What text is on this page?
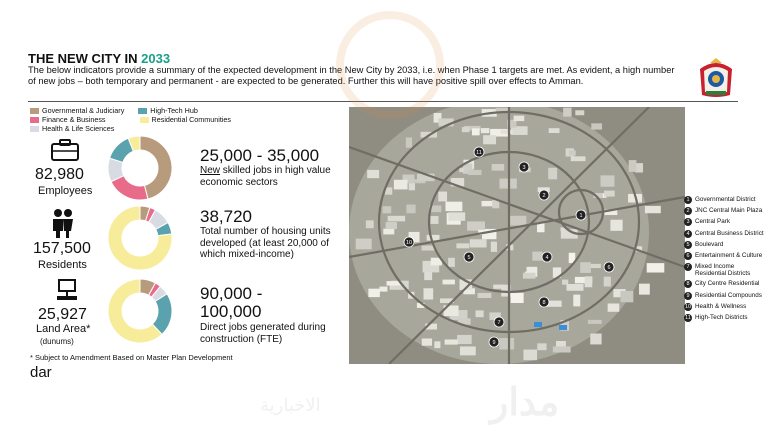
THE NEW CITY IN 2033
The below indicators provide a summary of the expected development in the New City by 2033, i.e. when Phase 1 targets are met. As evident, a high number of new jobs – both temporary and permanent - are expected to be generated. Further this will have positive spill over effects to Amman.
Governmental & Judiciary	High-Tech Hub
Finance & Business	Residential Communities
Health & Life Sciences
82,980
Employees
157,500
Residents
25,927
Land Area*
(dunums)
25,000 - 35,000
New skilled jobs in high value economic sectors
38,720
Total number of housing units developed (at least 20,000 of which mixed-income)
90,000 -
100,000
Direct jobs generated during construction (FTE)
* Subject to Amendment Based on Master Plan Development
dar
1
2
3
4
5
6
7
8
9
10
11
1 Governmental District
2 JNC Central Main Plaza
3 Central Park
4 Central Business District
5 Boulevard
6 Entertainment & Culture
7 Mixed Income Residential Districts
8 City Centre Residential
9 Residential Compounds
10 Health & Wellness
11 High-Tech Districts
الاخبارية	مدار
